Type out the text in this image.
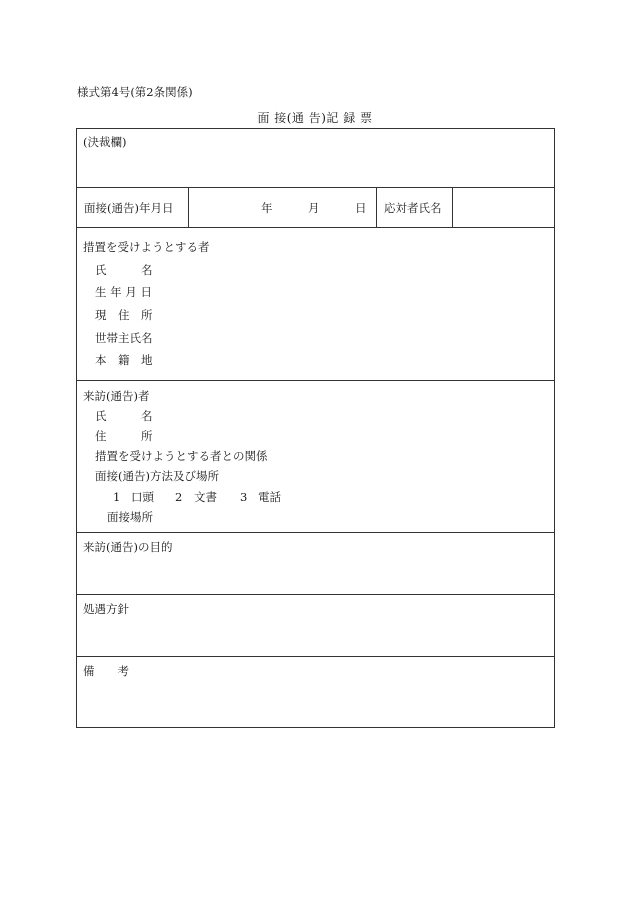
様式第4号(第2条関係)
面 接(通 告)記 録 票
(決裁欄)
面接(通告)年月日	年	月	日 応対者氏名
措置を受けようとする者
氏　　　名
生 年 月 日
現　住　所
世帯主氏名
本　籍　地
来訪(通告)者
氏　　　名
住　　　所
措置を受けようとする者との関係
面接(通告)方法及び場所
1 口頭 2 文書 3 電話
面接場所
来訪(通告)の目的
処遇方針
備　　考
